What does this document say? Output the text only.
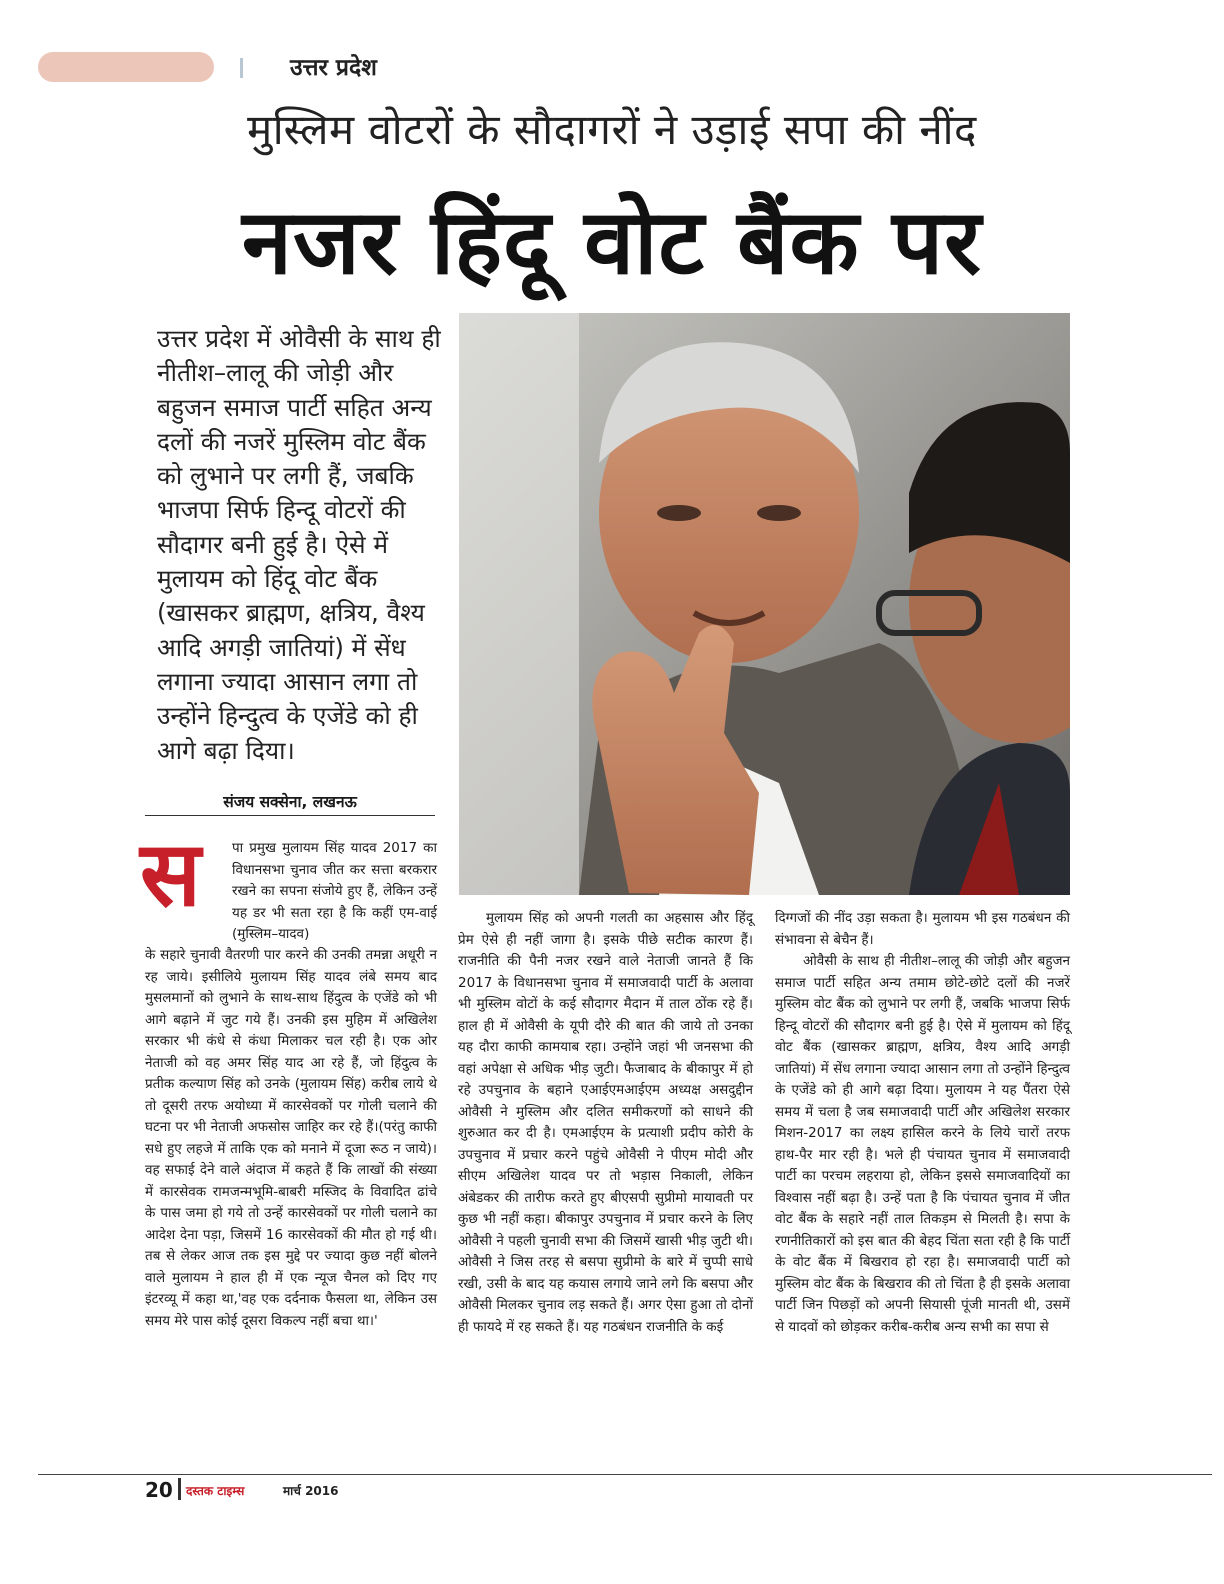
उत्तर प्रदेश
मुस्लिम वोटरों के सौदागरों ने उड़ाई सपा की नींद
नजर हिंदू वोट बैंक पर
उत्तर प्रदेश में ओवैसी के साथ ही नीतीश–लालू की जोड़ी और बहुजन समाज पार्टी सहित अन्य दलों की नजरें मुस्लिम वोट बैंक को लुभाने पर लगी हैं, जबकि भाजपा सिर्फ हिन्दू वोटरों की सौदागर बनी हुई है। ऐसे में मुलायम को हिंदू वोट बैंक (खासकर ब्राह्मण, क्षत्रिय, वैश्य आदि अगड़ी जातियां) में सेंध लगाना ज्यादा आसान लगा तो उन्होंने हिन्दुत्व के एजेंडे को ही आगे बढ़ा दिया।
संजय सक्सेना, लखनऊ
स पा प्रमुख मुलायम सिंह यादव 2017 का विधानसभा चुनाव जीत कर सत्ता बरकरार रखने का सपना संजोये हुए हैं, लेकिन उन्हें यह डर भी सता रहा है कि कहीं एम-वाई (मुस्लिम–यादव)

के सहारे चुनावी वैतरणी पार करने की उनकी तमन्ना अधूरी न रह जाये। इसीलिये मुलायम सिंह यादव लंबे समय बाद मुसलमानों को लुभाने के साथ-साथ हिंदुत्व के एजेंडे को भी आगे बढ़ाने में जुट गये हैं। उनकी इस मुहिम में अखिलेश सरकार भी कंधे से कंधा मिलाकर चल रही है। एक ओर नेताजी को वह अमर सिंह याद आ रहे हैं, जो हिंदुत्व के प्रतीक कल्याण सिंह को उनके (मुलायम सिंह) करीब लाये थे तो दूसरी तरफ अयोध्या में कारसेवकों पर गोली चलाने की घटना पर भी नेताजी अफसोस जाहिर कर रहे हैं।(परंतु काफी सधे हुए लहजे में ताकि एक को मनाने में दूजा रूठ न जाये)। वह सफाई देने वाले अंदाज में कहते हैं कि लाखों की संख्या में कारसेवक रामजन्मभूमि-बाबरी मस्जिद के विवादित ढांचे के पास जमा हो गये तो उन्हें कारसेवकों पर गोली चलाने का आदेश देना पड़ा, जिसमें 16 कारसेवकों की मौत हो गई थी। तब से लेकर आज तक इस मुद्दे पर ज्यादा कुछ नहीं बोलने वाले मुलायम ने हाल ही में एक न्यूज चैनल को दिए गए इंटरव्यू में कहा था,'वह एक दर्दनाक फैसला था, लेकिन उस समय मेरे पास कोई दूसरा विकल्प नहीं बचा था।'

मुलायम सिंह को अपनी गलती का अहसास और हिंदू प्रेम ऐसे ही नहीं जागा है। इसके पीछे सटीक कारण हैं। राजनीति की पैनी नजर रखने वाले नेताजी जानते हैं कि 2017 के विधानसभा चुनाव में समाजवादी पार्टी के अलावा भी मुस्लिम वोटों के कई सौदागर मैदान में ताल ठोंक रहे हैं। हाल ही में ओवैसी के यूपी दौरे की बात की जाये तो उनका यह दौरा काफी कामयाब रहा। उन्होंने जहां भी जनसभा की वहां अपेक्षा से अधिक भीड़ जुटी। फैजाबाद के बीकापुर में हो रहे उपचुनाव के बहाने एआईएमआईएम अध्यक्ष असदुद्दीन ओवैसी ने मुस्लिम और दलित समीकरणों को साधने की शुरुआत कर दी है। एमआईएम के प्रत्याशी प्रदीप कोरी के उपचुनाव में प्रचार करने पहुंचे ओवैसी ने पीएम मोदी और सीएम अखिलेश यादव पर तो भड़ास निकाली, लेकिन अंबेडकर की तारीफ करते हुए बीएसपी सुप्रीमो मायावती पर कुछ भी नहीं कहा। बीकापुर उपचुनाव में प्रचार करने के लिए ओवैसी ने पहली चुनावी सभा की जिसमें खासी भीड़ जुटी थी। ओवैसी ने जिस तरह से बसपा सुप्रीमो के बारे में चुप्पी साधे रखी, उसी के बाद यह कयास लगाये जाने लगे कि बसपा और ओवैसी मिलकर चुनाव लड़ सकते हैं। अगर ऐसा हुआ तो दोनों ही फायदे में रह सकते हैं। यह गठबंधन राजनीति के कई

दिग्गजों की नींद उड़ा सकता है। मुलायम भी इस गठबंधन की संभावना से बेचैन हैं।

ओवैसी के साथ ही नीतीश–लालू की जोड़ी और बहुजन समाज पार्टी सहित अन्य तमाम छोटे-छोटे दलों की नजरें मुस्लिम वोट बैंक को लुभाने पर लगी हैं, जबकि भाजपा सिर्फ हिन्दू वोटरों की सौदागर बनी हुई है। ऐसे में मुलायम को हिंदू वोट बैंक (खासकर ब्राह्मण, क्षत्रिय, वैश्य आदि अगड़ी जातियां) में सेंध लगाना ज्यादा आसान लगा तो उन्होंने हिन्दुत्व के एजेंडे को ही आगे बढ़ा दिया। मुलायम ने यह पैंतरा ऐसे समय में चला है जब समाजवादी पार्टी और अखिलेश सरकार मिशन-2017 का लक्ष्य हासिल करने के लिये चारों तरफ हाथ-पैर मार रही है। भले ही पंचायत चुनाव में समाजवादी पार्टी का परचम लहराया हो, लेकिन इससे समाजवादियों का विश्वास नहीं बढ़ा है। उन्हें पता है कि पंचायत चुनाव में जीत वोट बैंक के सहारे नहीं ताल तिकड़म से मिलती है। सपा के रणनीतिकारों को इस बात की बेहद चिंता सता रही है कि पार्टी के वोट बैंक में बिखराव हो रहा है। समाजवादी पार्टी को मुस्लिम वोट बैंक के बिखराव की तो चिंता है ही इसके अलावा पार्टी जिन पिछड़ों को अपनी सियासी पूंजी मानती थी, उसमें से यादवों को छोड़कर करीब-करीब अन्य सभी का सपा से

20 दस्तक टाइम्स	मार्च 2016
